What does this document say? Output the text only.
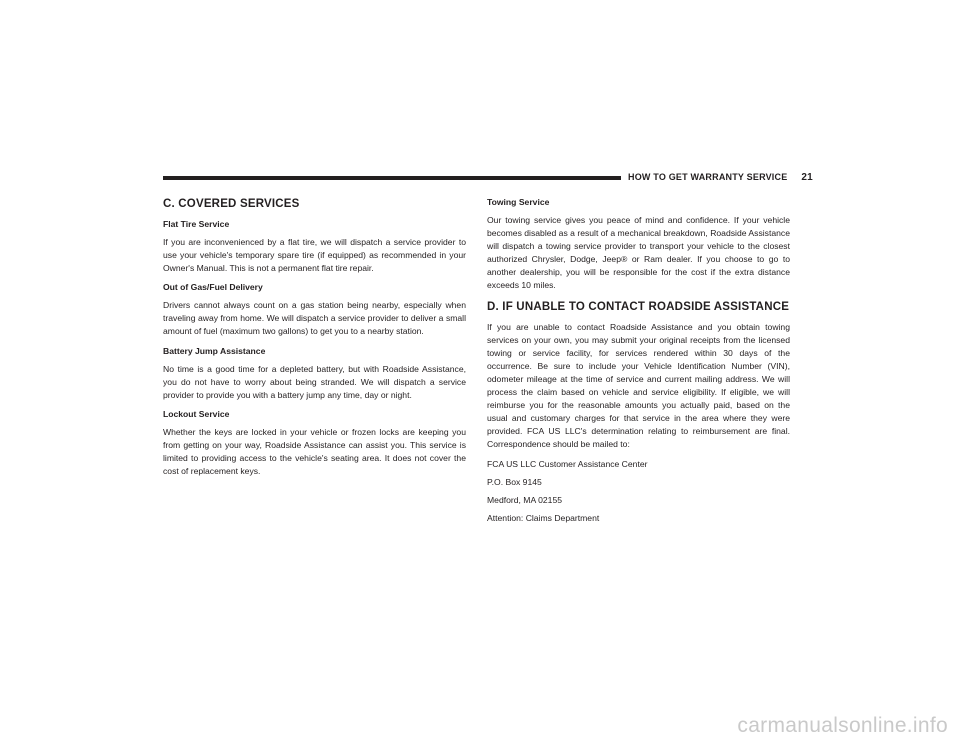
HOW TO GET WARRANTY SERVICE 21
C. COVERED SERVICES
Flat Tire Service

If you are inconvenienced by a flat tire, we will dispatch a service provider to use your vehicle's temporary spare tire (if equipped) as recommended in your Owner's Manual. This is not a permanent flat tire repair.

Out of Gas/Fuel Delivery

Drivers cannot always count on a gas station being nearby, especially when traveling away from home. We will dispatch a service provider to deliver a small amount of fuel (maximum two gallons) to get you to a nearby station.

Battery Jump Assistance

No time is a good time for a depleted battery, but with Roadside Assistance, you do not have to worry about being stranded. We will dispatch a service provider to provide you with a battery jump any time, day or night.

Lockout Service

Whether the keys are locked in your vehicle or frozen locks are keeping you from getting on your way, Roadside Assistance can assist you. This service is limited to providing access to the vehicle's seating area. It does not cover the cost of replacement keys.

Towing Service

Our towing service gives you peace of mind and confidence. If your vehicle becomes disabled as a result of a mechanical breakdown, Roadside Assistance will dispatch a towing service provider to transport your vehicle to the closest authorized Chrysler, Dodge, Jeep® or Ram dealer. If you choose to go to another dealership, you will be responsible for the cost if the extra distance exceeds 10 miles.

D. IF UNABLE TO CONTACT ROADSIDE ASSISTANCE

If you are unable to contact Roadside Assistance and you obtain towing services on your own, you may submit your original receipts from the licensed towing or service facility, for services rendered within 30 days of the occurrence. Be sure to include your Vehicle Identification Number (VIN), odometer mileage at the time of service and current mailing address. We will process the claim based on vehicle and service eligibility. If eligible, we will reimburse you for the reasonable amounts you actually paid, based on the usual and customary charges for that service in the area where they were provided. FCA US LLC's determination relating to reimbursement are final. Correspondence should be mailed to:

FCA US LLC Customer Assistance Center

P.O. Box 9145

Medford, MA 02155

Attention: Claims Department

carmanualsonline.info
